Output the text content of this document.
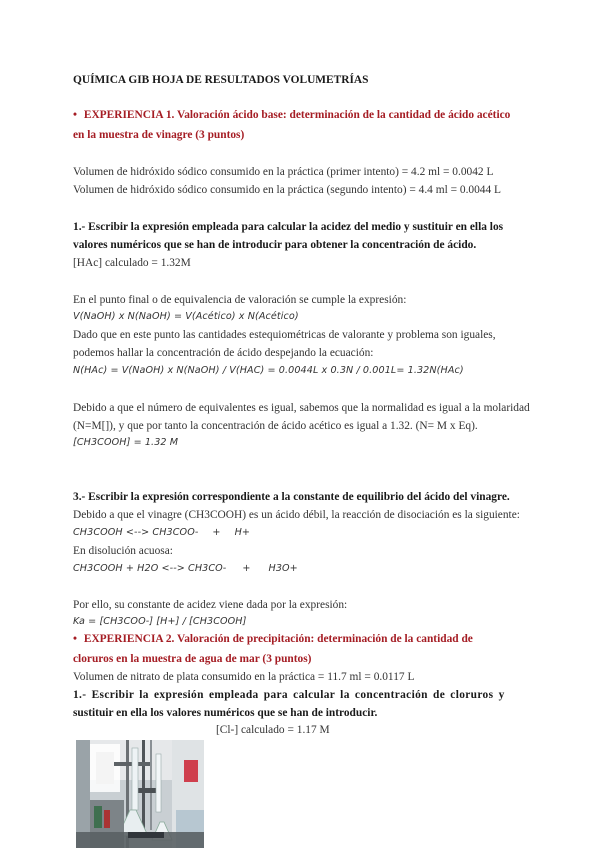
QUÍMICA GIB HOJA DE RESULTADOS VOLUMETRÍAS
• EXPERIENCIA 1. Valoración ácido base: determinación de la cantidad de ácido acético
en la muestra de vinagre (3 puntos)
Volumen de hidróxido sódico consumido en la práctica (primer intento) = 4.2 ml = 0.0042 L
Volumen de hidróxido sódico consumido en la práctica (segundo intento) = 4.4 ml = 0.0044 L
1.- Escribir la expresión empleada para calcular la acidez del medio y sustituir en ella los
valores numéricos que se han de introducir para obtener la concentración de ácido.
[HAc] calculado = 1.32M
En el punto final o de equivalencia de valoración se cumple la expresión:
V(NaOH) x N(NaOH) = V(Acético) x N(Acético)
Dado que en este punto las cantidades estequiométricas de valorante y problema son iguales,
podemos hallar la concentración de ácido despejando la ecuación:
N(HAc) = V(NaOH) x N(NaOH) / V(HAC) = 0.0044L x 0.3N / 0.001L= 1.32N(HAc)
Debido a que el número de equivalentes es igual, sabemos que la normalidad es igual a la molaridad
(N=M[]), y que por tanto la concentración de ácido acético es igual a 1.32. (N= M x Eq).
[CH3COOH] = 1.32 M
3.- Escribir la expresión correspondiente a la constante de equilibrio del ácido del vinagre.
Debido a que el vinagre (CH3COOH) es un ácido débil, la reacción de disociación es la siguiente:
CH3COOH <--> CH3COO- + H+
En disolución acuosa:
CH3COOH + H2O <--> CH3CO- + H3O+
Por ello, su constante de acidez viene dada por la expresión:
Ka = [CH3COO-] [H+] / [CH3COOH]
• EXPERIENCIA 2. Valoración de precipitación: determinación de la cantidad de
cloruros en la muestra de agua de mar (3 puntos)
Volumen de nitrato de plata consumido en la práctica = 11.7 ml = 0.0117 L
1.- Escribir la expresión empleada para calcular la concentración de cloruros y
sustituir en ella los valores numéricos que se han de introducir.
[Cl-] calculado = 1.17 M
